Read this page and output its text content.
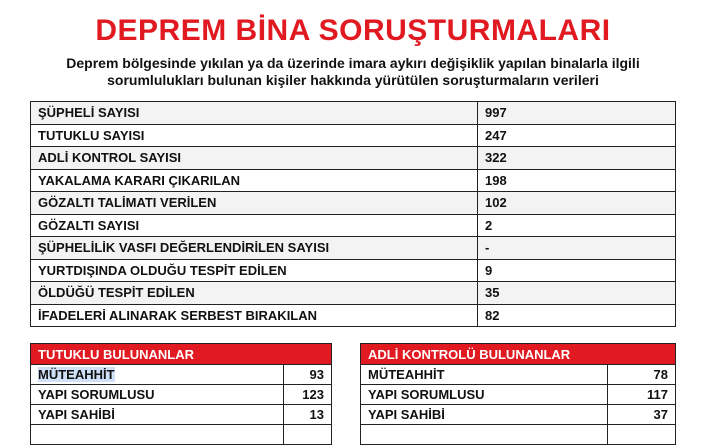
DEPREM BİNA SORUŞTURMALARI
Deprem bölgesinde yıkılan ya da üzerinde imara aykırı değişiklik yapılan binalarla ilgili sorumlulukları bulunan kişiler hakkında yürütülen soruşturmaların verileri
ŞÜPHELİ SAYISI	997
TUTUKLU SAYISI	247
ADLİ KONTROL SAYISI	322
YAKALAMA KARARI ÇIKARILAN	198
GÖZALTI TALİMATI VERİLEN	102
GÖZALTI SAYISI	2
ŞÜPHELİLİK VASFI DEĞERLENDİRİLEN SAYISI	-
YURTDIŞINDA OLDUĞU TESPİT EDİLEN	9
ÖLDÜĞÜ TESPİT EDİLEN	35
İFADELERİ ALINARAK SERBEST BIRAKILAN	82
TUTUKLU BULUNANLAR	
MÜTEAHHİT	93
YAPI SORUMLUSU	123
YAPI SAHİBİ	13

ADLİ KONTROLÜ BULUNANLAR	
MÜTEAHHİT	78
YAPI SORUMLUSU	117
YAPI SAHİBİ	37
